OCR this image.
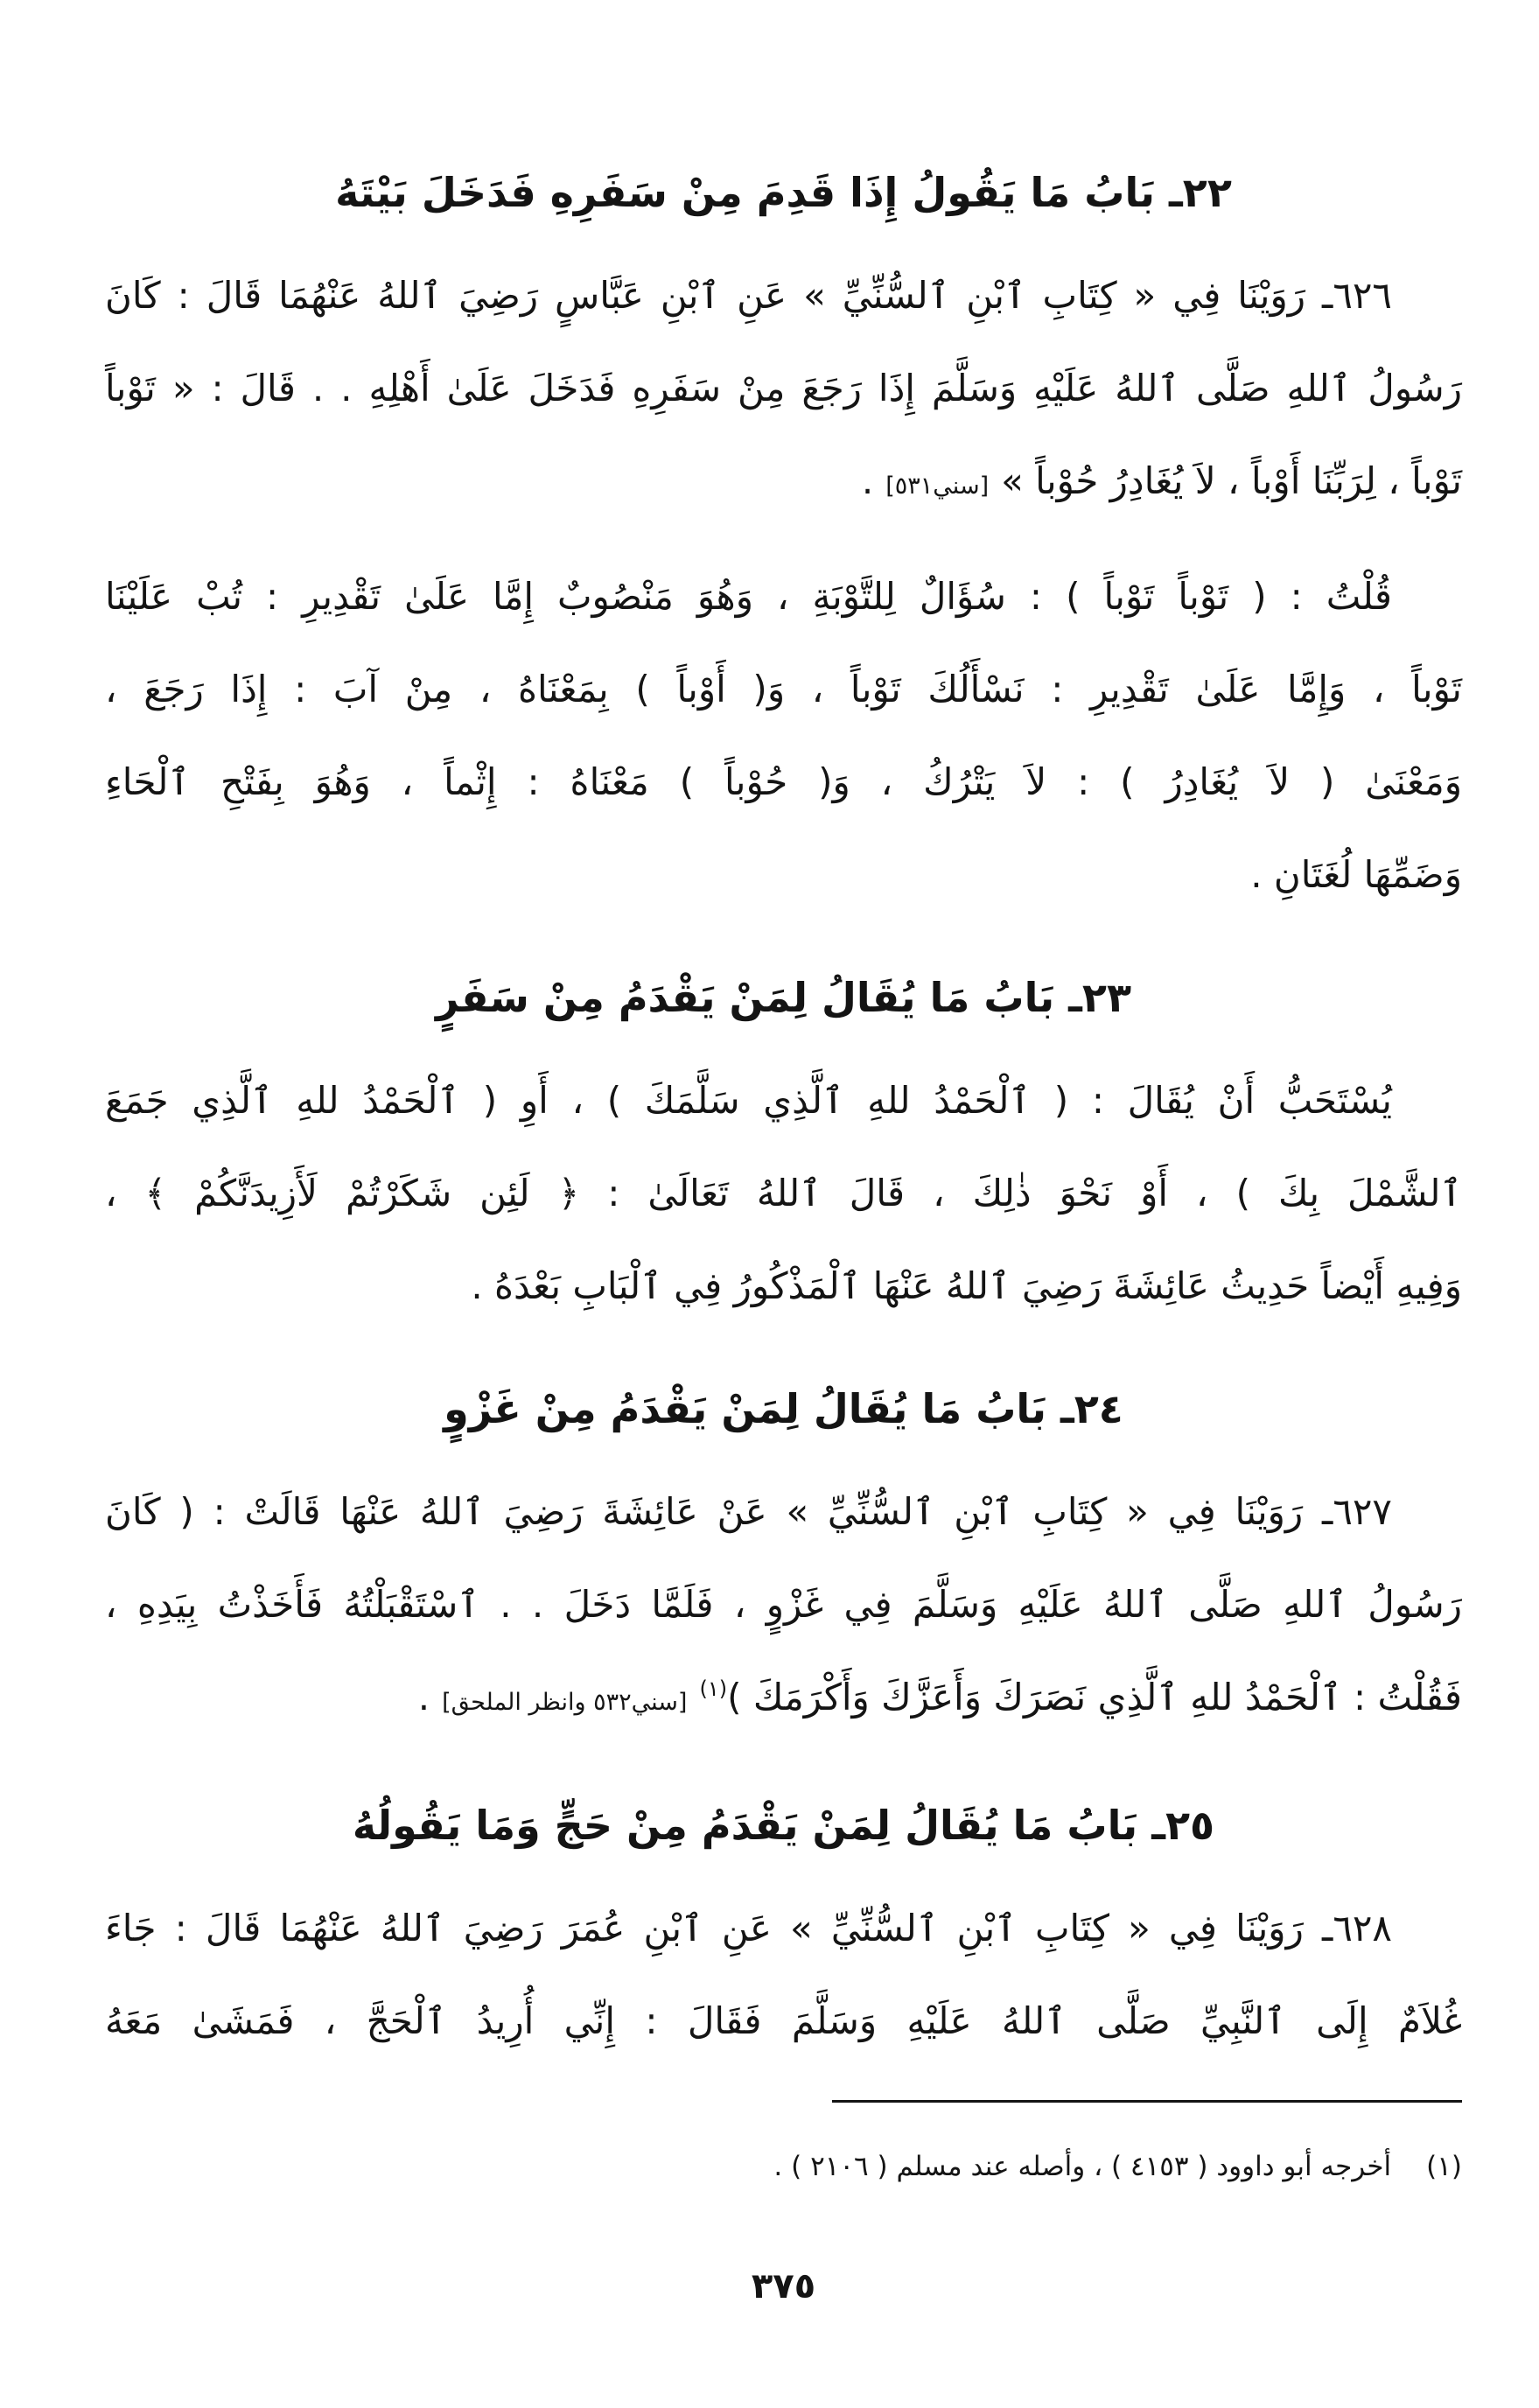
٢٢ـ بَابُ مَا يَقُولُ إِذَا قَدِمَ مِنْ سَفَرِهِ فَدَخَلَ بَيْتَهُ
٦٢٦ـ رَوَيْنَا فِي « كِتَابِ ٱبْنِ ٱلسُّنِّيِّ » عَنِ ٱبْنِ عَبَّاسٍ رَضِيَ ٱللهُ عَنْهُمَا قَالَ : كَانَ
رَسُولُ ٱللهِ صَلَّى ٱللهُ عَلَيْهِ وَسَلَّمَ إِذَا رَجَعَ مِنْ سَفَرِهِ فَدَخَلَ عَلَىٰ أَهْلِهِ . . قَالَ : « تَوْباً
تَوْباً ، لِرَبِّنَا أَوْباً ، لاَ يُغَادِرُ حُوْباً »[سني٥٣١].
قُلْتُ : ( تَوْباً تَوْباً ) : سُؤَالٌ لِلتَّوْبَةِ ، وَهُوَ مَنْصُوبٌ إِمَّا عَلَىٰ تَقْدِيرِ : تُبْ عَلَيْنَا
تَوْباً ، وَإِمَّا عَلَىٰ تَقْدِيرِ : نَسْأَلُكَ تَوْباً ، وَ( أَوْباً ) بِمَعْنَاهُ ، مِنْ آبَ : إِذَا رَجَعَ ،
وَمَعْنَىٰ ( لاَ يُغَادِرُ ) : لاَ يَتْرُكُ ، وَ( حُوْباً ) مَعْنَاهُ : إِثْماً ، وَهُوَ بِفَتْحِ ٱلْحَاءِ
وَضَمِّهَا لُغَتَانِ .
٢٣ـ بَابُ مَا يُقَالُ لِمَنْ يَقْدَمُ مِنْ سَفَرٍ
يُسْتَحَبُّ أَنْ يُقَالَ : ( ٱلْحَمْدُ للهِ ٱلَّذِي سَلَّمَكَ ) ، أَوِ ( ٱلْحَمْدُ للهِ ٱلَّذِي جَمَعَ
ٱلشَّمْلَ بِكَ ) ، أَوْ نَحْوَ ذٰلِكَ ، قَالَ ٱللهُ تَعَالَىٰ : ﴿ لَئِن شَكَرْتُمْ لَأَزِيدَنَّكُمْ ﴾ ،
وَفِيهِ أَيْضاً حَدِيثُ عَائِشَةَ رَضِيَ ٱللهُ عَنْهَا ٱلْمَذْكُورُ فِي ٱلْبَابِ بَعْدَهُ .
٢٤ـ بَابُ مَا يُقَالُ لِمَنْ يَقْدَمُ مِنْ غَزْوٍ
٦٢٧ـ رَوَيْنَا فِي « كِتَابِ ٱبْنِ ٱلسُّنِّيِّ » عَنْ عَائِشَةَ رَضِيَ ٱللهُ عَنْهَا قَالَتْ : ( كَانَ
رَسُولُ ٱللهِ صَلَّى ٱللهُ عَلَيْهِ وَسَلَّمَ فِي غَزْوٍ ، فَلَمَّا دَخَلَ . . ٱسْتَقْبَلْتُهُ فَأَخَذْتُ بِيَدِهِ ،
فَقُلْتُ : ٱلْحَمْدُ للهِ ٱلَّذِي نَصَرَكَ وَأَعَزَّكَ وَأَكْرَمَكَ )$^{(١)}$[سني٥٣٢ وانظر الملحق].
٢٥ـ بَابُ مَا يُقَالُ لِمَنْ يَقْدَمُ مِنْ حَجٍّ وَمَا يَقُولُهُ
٦٢٨ـ رَوَيْنَا فِي « كِتَابِ ٱبْنِ ٱلسُّنِّيِّ » عَنِ ٱبْنِ عُمَرَ رَضِيَ ٱللهُ عَنْهُمَا قَالَ : جَاءَ
غُلاَمٌ إِلَى ٱلنَّبِيِّ صَلَّى ٱللهُ عَلَيْهِ وَسَلَّمَ فَقَالَ : إِنِّي أُرِيدُ ٱلْحَجَّ ، فَمَشَىٰ مَعَهُ
(١)أخرجه أبو داوود ( ٤١٥٣ ) ، وأصله عند مسلم ( ٢١٠٦ ) .
٣٧٥
